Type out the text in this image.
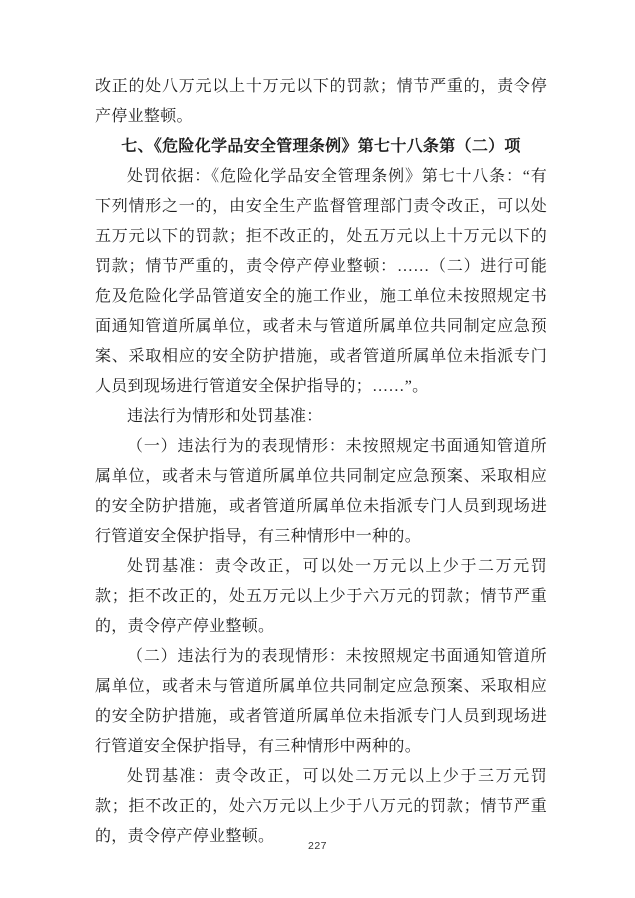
改正的处八万元以上十万元以下的罚款；情节严重的，责令停产停业整顿。

七、《危险化学品安全管理条例》第七十八条第（二）项

处罚依据：《危险化学品安全管理条例》第七十八条：“有下列情形之一的，由安全生产监督管理部门责令改正，可以处五万元以下的罚款；拒不改正的，处五万元以上十万元以下的罚款；情节严重的，责令停产停业整顿：……（二）进行可能危及危险化学品管道安全的施工作业，施工单位未按照规定书面通知管道所属单位，或者未与管道所属单位共同制定应急预案、采取相应的安全防护措施，或者管道所属单位未指派专门人员到现场进行管道安全保护指导的；……”。

违法行为情形和处罚基准：

（一）违法行为的表现情形：未按照规定书面通知管道所属单位，或者未与管道所属单位共同制定应急预案、采取相应的安全防护措施，或者管道所属单位未指派专门人员到现场进行管道安全保护指导，有三种情形中一种的。

处罚基准：责令改正，可以处一万元以上少于二万元罚款；拒不改正的，处五万元以上少于六万元的罚款；情节严重的，责令停产停业整顿。

（二）违法行为的表现情形：未按照规定书面通知管道所属单位，或者未与管道所属单位共同制定应急预案、采取相应的安全防护措施，或者管道所属单位未指派专门人员到现场进行管道安全保护指导，有三种情形中两种的。

处罚基准：责令改正，可以处二万元以上少于三万元罚款；拒不改正的，处六万元以上少于八万元的罚款；情节严重的，责令停产停业整顿。

227
